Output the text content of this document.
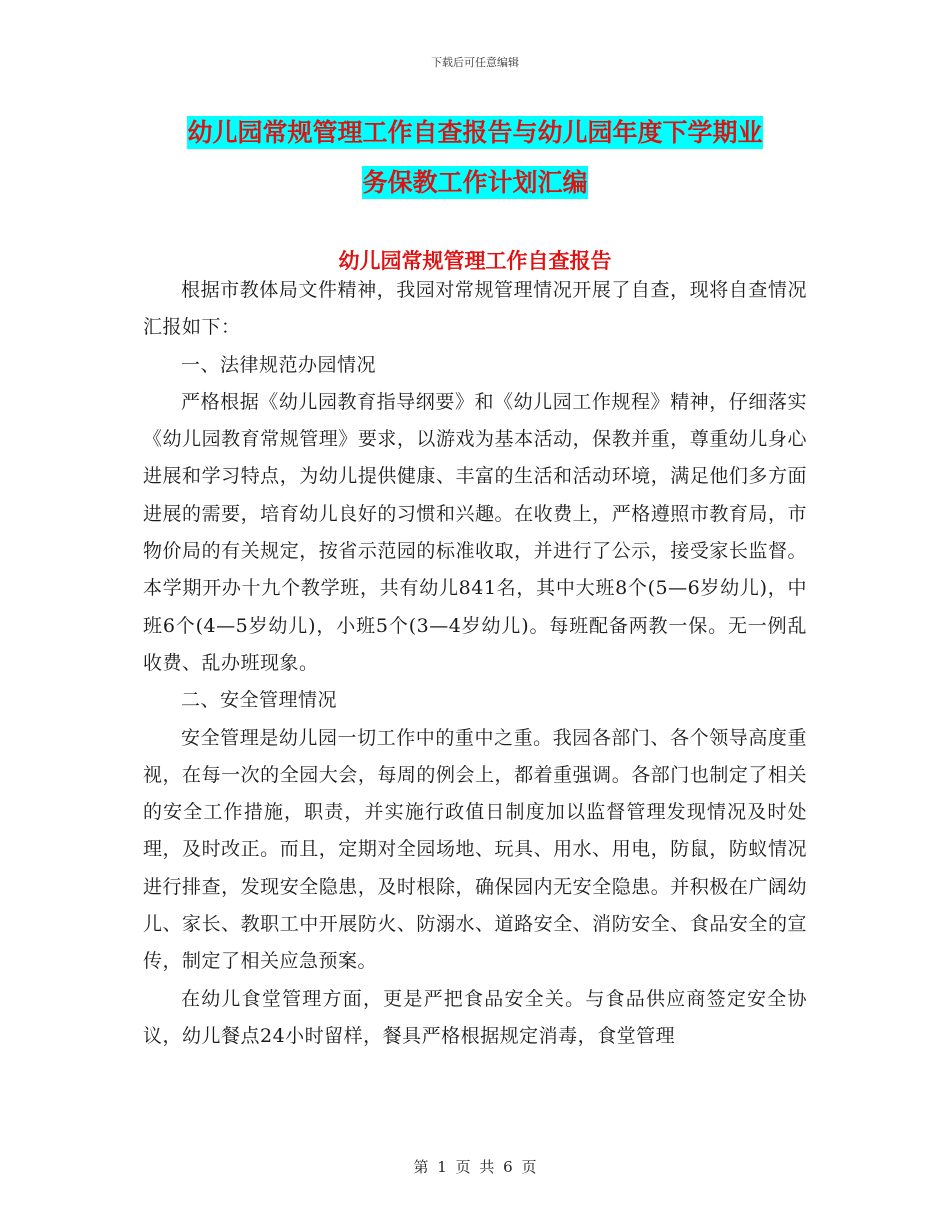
下载后可任意编辑
幼儿园常规管理工作自查报告与幼儿园年度下学期业
务保教工作计划汇编
幼儿园常规管理工作自查报告

根据市教体局文件精神，我园对常规管理情况开展了自查，现将自查情况汇报如下：

一、法律规范办园情况

严格根据《幼儿园教育指导纲要》和《幼儿园工作规程》精神，仔细落实《幼儿园教育常规管理》要求，以游戏为基本活动，保教并重，尊重幼儿身心进展和学习特点，为幼儿提供健康、丰富的生活和活动环境，满足他们多方面进展的需要，培育幼儿良好的习惯和兴趣。在收费上，严格遵照市教育局，市物价局的有关规定，按省示范园的标准收取，并进行了公示，接受家长监督。本学期开办十九个教学班，共有幼儿841名，其中大班8个(5—6岁幼儿)，中班6个(4—5岁幼儿)，小班5个(3—4岁幼儿)。每班配备两教一保。无一例乱收费、乱办班现象。

二、安全管理情况

安全管理是幼儿园一切工作中的重中之重。我园各部门、各个领导高度重视，在每一次的全园大会，每周的例会上，都着重强调。各部门也制定了相关的安全工作措施，职责，并实施行政值日制度加以监督管理发现情况及时处理，及时改正。而且，定期对全园场地、玩具、用水、用电，防鼠，防蚁情况进行排查，发现安全隐患，及时根除，确保园内无安全隐患。并积极在广阔幼儿、家长、教职工中开展防火、防溺水、道路安全、消防安全、食品安全的宣传，制定了相关应急预案。

在幼儿食堂管理方面，更是严把食品安全关。与食品供应商签定安全协议，幼儿餐点24小时留样，餐具严格根据规定消毒，食堂管理

第 1 页 共 6 页
